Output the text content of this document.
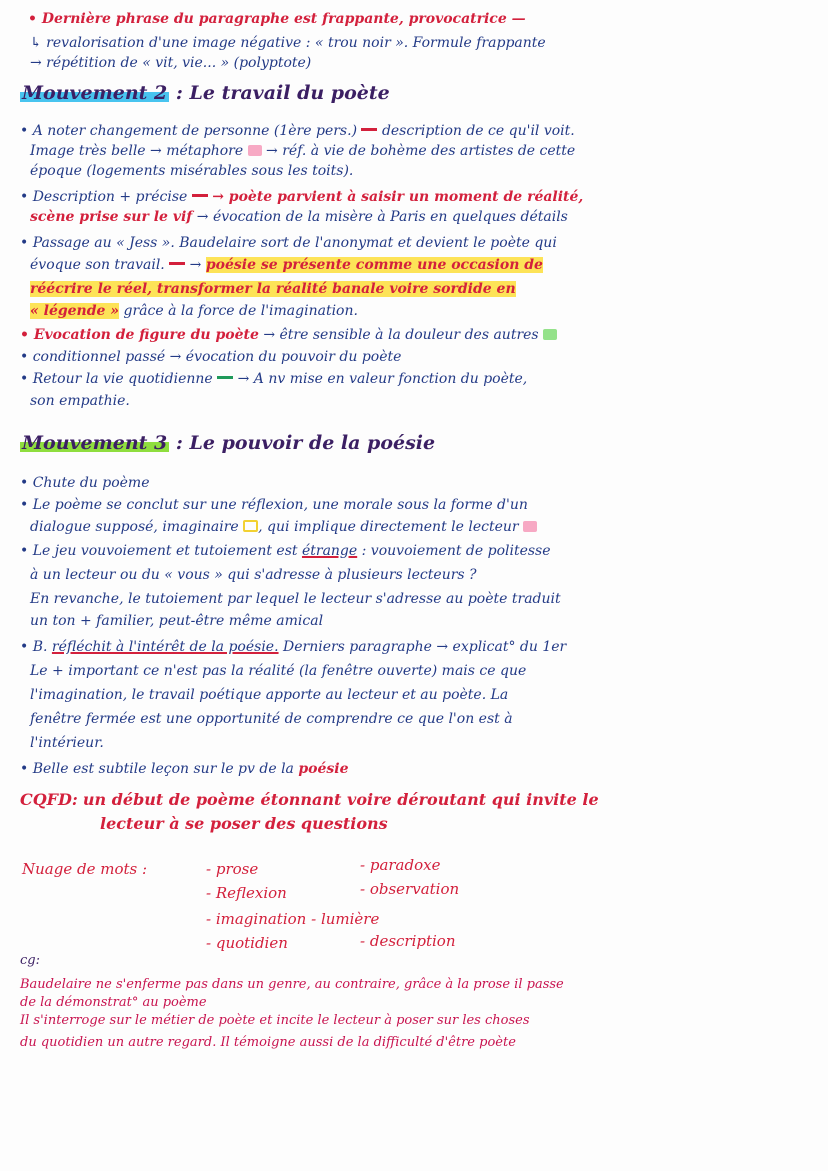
• Dernière phrase du paragraphe est frappante, provocatrice —
↳ revalorisation d'une image négative : « trou noir ». Formule frappante
→ répétition de « vit, vie... » (polyptote)
Mouvement 2 : Le travail du poète
• A noter changement de personne (1ère pers.) description de ce qu'il voit.
Image très belle → métaphore → réf. à vie de bohème des artistes de cette
époque (logements misérables sous les toits).
• Description + précise → poète parvient à saisir un moment de réalité,
scène prise sur le vif → évocation de la misère à Paris en quelques détails
• Passage au « Jess ». Baudelaire sort de l'anonymat et devient le poète qui
évoque son travail. → poésie se présente comme une occasion de
réécrire le réel, transformer la réalité banale voire sordide en
« légende » grâce à la force de l'imagination.
• Evocation de figure du poète → être sensible à la douleur des autres
• conditionnel passé → évocation du pouvoir du poète
• Retour la vie quotidienne → A nv mise en valeur fonction du poète,
son empathie.
Mouvement 3 : Le pouvoir de la poésie
• Chute du poème
• Le poème se conclut sur une réflexion, une morale sous la forme d'un
dialogue supposé, imaginaire , qui implique directement le lecteur
• Le jeu vouvoiement et tutoiement est étrange : vouvoiement de politesse
à un lecteur ou du « vous » qui s'adresse à plusieurs lecteurs ?
En revanche, le tutoiement par lequel le lecteur s'adresse au poète traduit
un ton + familier, peut-être même amical
• B. réfléchit à l'intérêt de la poésie. Derniers paragraphe → explicat° du 1er
Le + important ce n'est pas la réalité (la fenêtre ouverte) mais ce que
l'imagination, le travail poétique apporte au lecteur et au poète. La
fenêtre fermée est une opportunité de comprendre ce que l'on est à
l'intérieur.
• Belle est subtile leçon sur le pv de la poésie
CQFD: un début de poème étonnant voire déroutant qui invite le
lecteur à se poser des questions
Nuage de mots :	- prose	- paradoxe
- Reflexion	- observation
- imagination - lumière
- quotidien	- description
cg:
Baudelaire ne s'enferme pas dans un genre, au contraire, grâce à la prose il passe
de la démonstrat° au poème
Il s'interroge sur le métier de poète et incite le lecteur à poser sur les choses
du quotidien un autre regard. Il témoigne aussi de la difficulté d'être poète
